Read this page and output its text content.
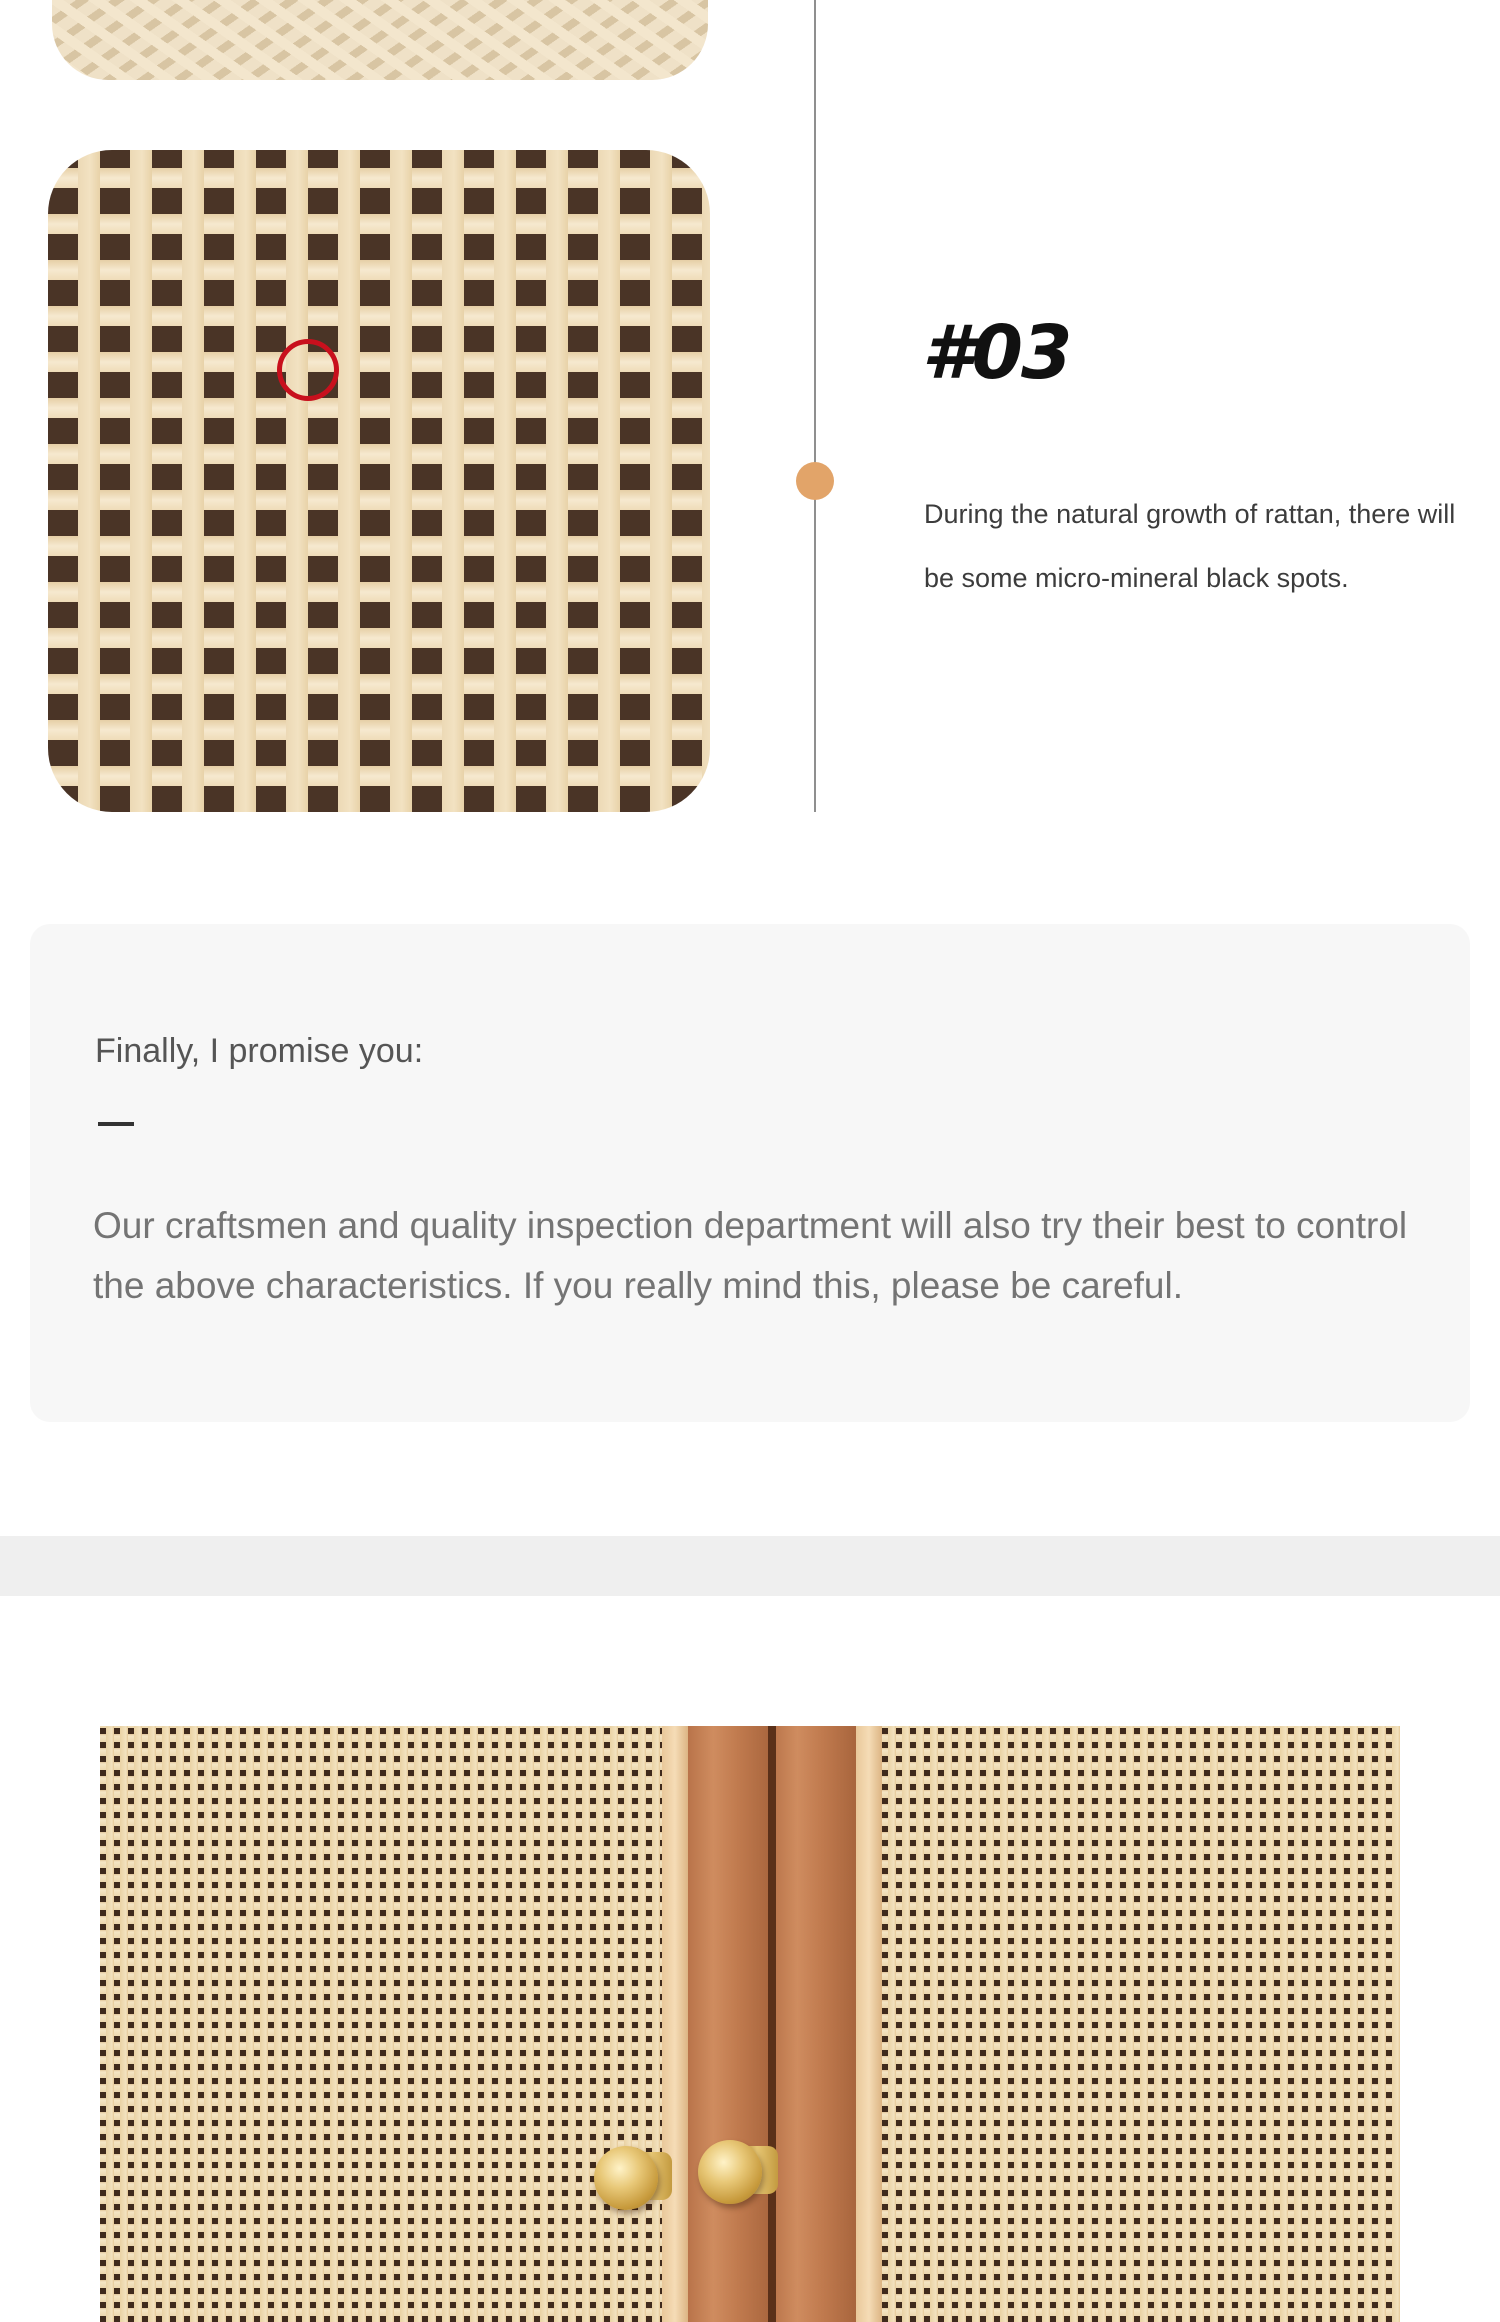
#03
During the natural growth of rattan, there will be some micro-mineral black spots.
Finally, I promise you:
Our craftsmen and quality inspection department will also try their best to control the above characteristics. If you really mind this, please be careful.
